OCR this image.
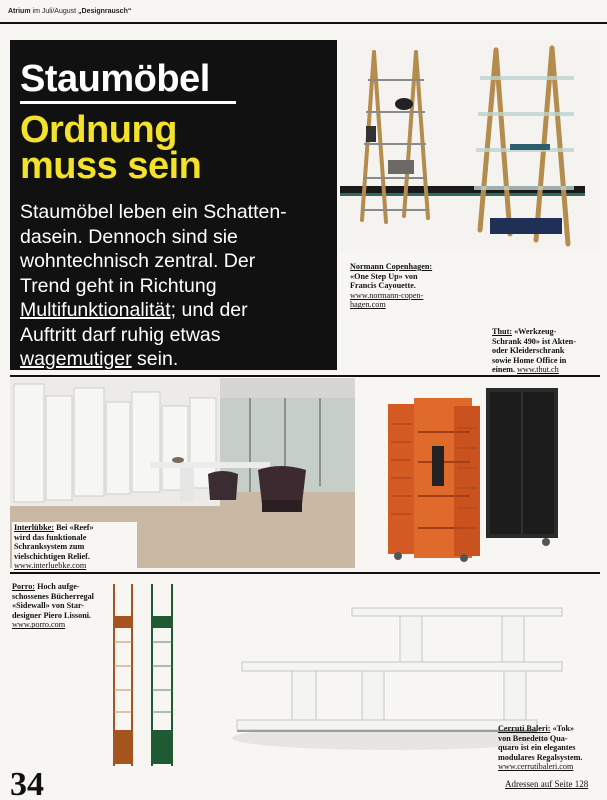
Atrium im Juli/August „Designrausch“
Staumöbel
Ordnung
muss sein
Staumöbel leben ein Schatten-
dasein. Dennoch sind sie
wohntechnisch zentral. Der
Trend geht in Richtung
Multifunktionalität; und der
Auftritt darf ruhig etwas
wagemutiger sein.
Normann Copenhagen:
«One Step Up» von
Francis Cayouette.
www.normann-copen-
hagen.com
Thut: «Werkzeug-
Schrank 490» ist Akten-
oder Kleiderschrank
sowie Home Office in
einem. www.thut.ch
Interlübke: Bei «Reef»
wird das funktionale
Schranksystem zum
vielschichtigen Relief.
www.interluebke.com
Porro: Hoch aufge-
schossenes Bücherregal
«Sidewall» von Star-
designer Piero Lissoni.
www.porro.com
Cerruti Baleri: «Tok»
von Benedetto Qua-
quaro ist ein elegantes
modulares Regalsystem.
www.cerrutibaleri.com
34	Adressen auf Seite 128
